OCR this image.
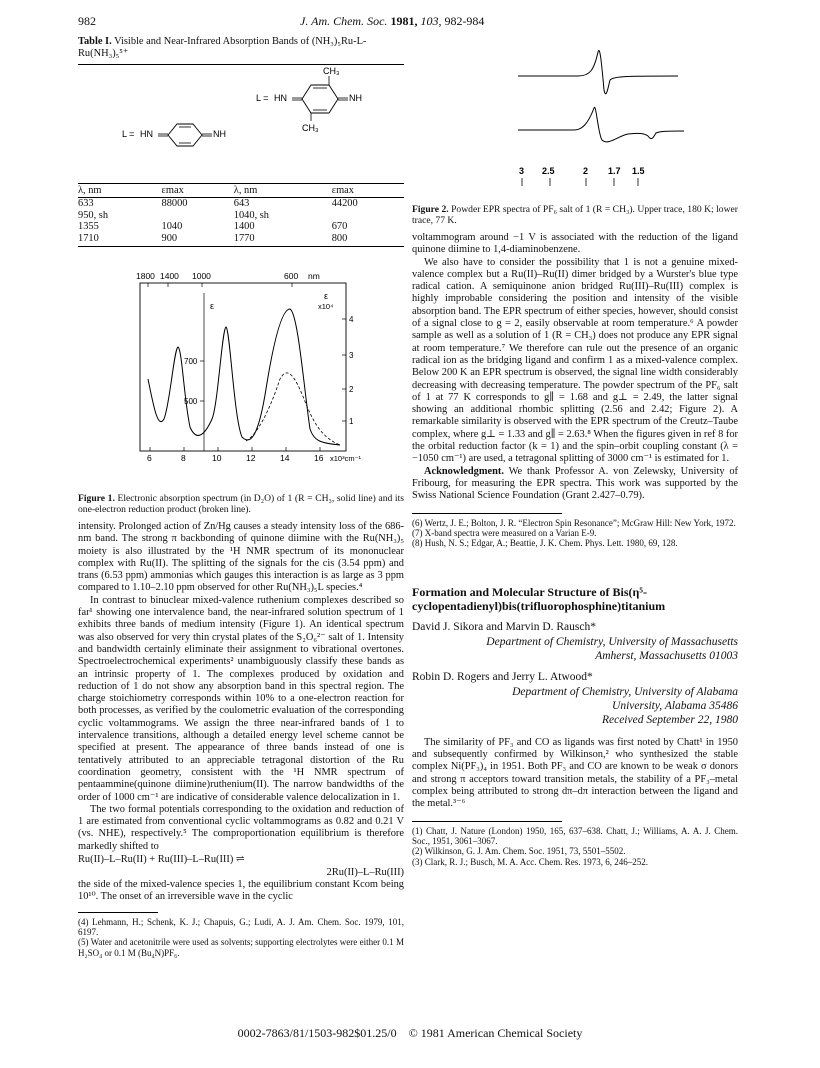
982	J. Am. Chem. Soc. 1981, 103, 982-984
Table I. Visible and Near-Infrared Absorption Bands of (NH₃)₅Ru-L-Ru(NH₃)₅⁵⁺
L = HN	NH
L = HN	NH
CH₃
CH₃
λ, nm	εmax	λ, nm	εmax
633	88000	643	44200
950, sh		1040, sh	
1355	1040	1400	670
1710	900	1770	800
1800 1400 1000	600 nm
6	8	10	12	14	16 x10³cm⁻¹
700
500
ε
4
3
2
1
ε
x10⁴
Figure 1. Electronic absorption spectrum (in D₂O) of 1 (R = CH₃, solid line) and its one-electron reduction product (broken line).

intensity. Prolonged action of Zn/Hg causes a steady intensity loss of the 686-nm band. The strong π backbonding of quinone diimine with the Ru(NH₃)₅ moiety is also illustrated by the ¹H NMR spectrum of its mononuclear complex with Ru(II). The splitting of the signals for the cis (3.54 ppm) and trans (6.53 ppm) ammonias which gauges this interaction is as large as 3 ppm compared to 1.10–2.10 ppm observed for other Ru(NH₃)₅L species.⁴

In contrast to binuclear mixed-valence ruthenium complexes described so far¹ showing one intervalence band, the near-infrared solution spectrum of 1 exhibits three bands of medium intensity (Figure 1). An identical spectrum was also observed for very thin crystal plates of the S₂O₆²⁻ salt of 1. Intensity and bandwidth certainly eliminate their assignment to vibrational overtones. Spectroelectrochemical experiments² unambiguously classify these bands as an intrinsic property of 1. The complexes produced by oxidation and reduction of 1 do not show any absorption band in this spectral region. The charge stoichiometry corresponds within 10% to a one-electron reaction for both processes, as verified by the coulometric evaluation of the corresponding cyclic voltammograms. We assign the three near-infrared bands of 1 to intervalence transitions, although a detailed energy level scheme cannot be specified at present. The appearance of three bands instead of one is tentatively attributed to an appreciable tetragonal distortion of the Ru coordination geometry, consistent with the ¹H NMR spectrum of pentaammine(quinone diimine)ruthenium(II). The narrow bandwidths of the order of 1000 cm⁻¹ are indicative of considerable valence delocalization in 1.

The two formal potentials corresponding to the oxidation and reduction of 1 are estimated from conventional cyclic voltammograms as 0.82 and 0.21 V (vs. NHE), respectively.⁵ The comproportionation equilibrium is therefore markedly shifted to

Ru(II)–L–Ru(II) + Ru(III)–L–Ru(III) ⇌
2Ru(II)–L–Ru(III)

the side of the mixed-valence species 1, the equilibrium constant Kcom being 10¹⁰. The onset of an irreversible wave in the cyclic

(4) Lehmann, H.; Schenk, K. J.; Chapuis, G.; Ludi, A. J. Am. Chem. Soc. 1979, 101, 6197.
(5) Water and acetonitrile were used as solvents; supporting electrolytes were either 0.1 M H₂SO₄ or 0.1 M (Bu₄N)PF₆.
3 2.5	2 1.7 1.5
Figure 2. Powder EPR spectra of PF₆ salt of 1 (R = CH₃). Upper trace, 180 K; lower trace, 77 K.

voltammogram around −1 V is associated with the reduction of the ligand quinone diimine to 1,4-diaminobenzene.

We also have to consider the possibility that 1 is not a genuine mixed-valence complex but a Ru(II)–Ru(II) dimer bridged by a Wurster's blue type radical cation. A semiquinone anion bridged Ru(III)–Ru(III) complex is highly improbable considering the position and intensity of the visible absorption band. The EPR spectrum of either species, however, should consist of a signal close to g = 2, easily observable at room temperature.⁶ A powder sample as well as a solution of 1 (R = CH₃) does not produce any EPR signal at room temperature.⁷ We therefore can rule out the presence of an organic radical ion as the bridging ligand and confirm 1 as a mixed-valence complex. Below 200 K an EPR spectrum is observed, the signal line width considerably decreasing with decreasing temperature. The powder spectrum of the PF₆ salt of 1 at 77 K corresponds to g∥ = 1.68 and g⊥ = 2.49, the latter signal showing an additional rhombic splitting (2.56 and 2.42; Figure 2). A remarkable similarity is observed with the EPR spectrum of the Creutz–Taube complex, where g⊥ = 1.33 and g∥ = 2.63.⁸ When the figures given in ref 8 for the orbital reduction factor (k = 1) and the spin–orbit coupling constant (λ = −1050 cm⁻¹) are used, a tetragonal splitting of 3000 cm⁻¹ is estimated for 1.

Acknowledgment. We thank Professor A. von Zelewsky, University of Fribourg, for measuring the EPR spectra. This work was supported by the Swiss National Science Foundation (Grant 2.427–0.79).

(6) Wertz, J. E.; Bolton, J. R. “Electron Spin Resonance”; McGraw Hill: New York, 1972.
(7) X-band spectra were measured on a Varian E-9.
(8) Hush, N. S.; Edgar, A.; Beattie, J. K. Chem. Phys. Lett. 1980, 69, 128.
Formation and Molecular Structure of Bis(η⁵-cyclopentadienyl)bis(trifluorophosphine)titanium
David J. Sikora and Marvin D. Rausch*
Department of Chemistry, University of Massachusetts
Amherst, Massachusetts 01003
Robin D. Rogers and Jerry L. Atwood*
Department of Chemistry, University of Alabama
University, Alabama 35486
Received September 22, 1980

The similarity of PF₃ and CO as ligands was first noted by Chatt¹ in 1950 and subsequently confirmed by Wilkinson,² who synthesized the stable complex Ni(PF₃)₄ in 1951. Both PF₃ and CO are known to be weak σ donors and strong π acceptors toward transition metals, the stability of a PF₃–metal complex being attributed to strong dπ–dπ interaction between the ligand and the metal.³⁻⁶

(1) Chatt, J. Nature (London) 1950, 165, 637–638. Chatt, J.; Williams, A. A. J. Chem. Soc., 1951, 3061–3067.
(2) Wilkinson, G. J. Am. Chem. Soc. 1951, 73, 5501–5502.
(3) Clark, R. J.; Busch, M. A. Acc. Chem. Res. 1973, 6, 246–252.
0002-7863/81/1503-982$01.25/0 © 1981 American Chemical Society
